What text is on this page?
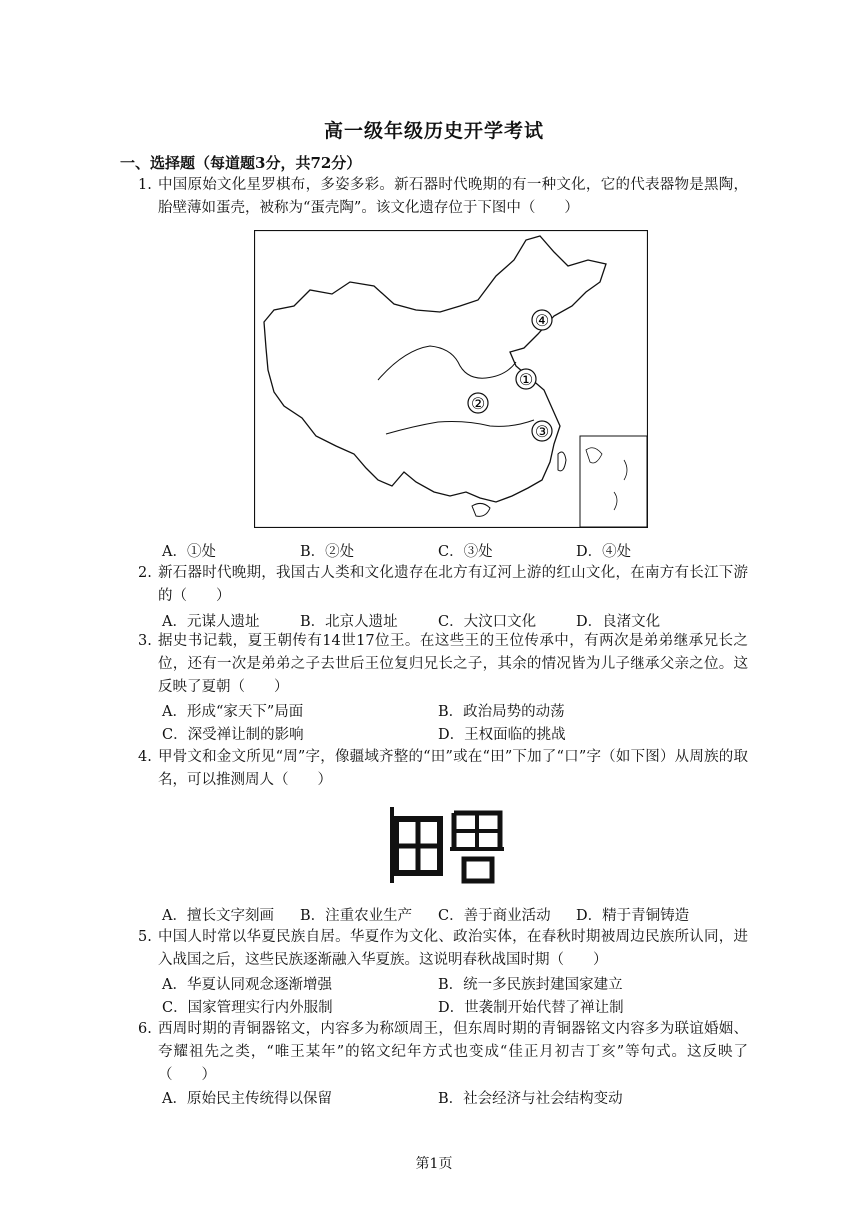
高一级年级历史开学考试
一、选择题（每道题3分，共72分）
1. 中国原始文化星罗棋布，多姿多彩。新石器时代晚期的有一种文化，它的代表器物是黑陶，胎壁薄如蛋壳，被称为“蛋壳陶”。该文化遗存位于下图中（　　）
④
①
②
③
A．①处	B．②处	C．③处	D．④处
2. 新石器时代晚期，我国古人类和文化遗存在北方有辽河上游的红山文化，在南方有长江下游的（　　）
A．元谋人遗址	B．北京人遗址	C．大汶口文化	D．良渚文化
3. 据史书记载，夏王朝传有14世17位王。在这些王的王位传承中，有两次是弟弟继承兄长之位，还有一次是弟弟之子去世后王位复归兄长之子，其余的情况皆为儿子继承父亲之位。这反映了夏朝（　　）
A．形成“家天下”局面	B．政治局势的动荡
C．深受禅让制的影响	D．王权面临的挑战
4. 甲骨文和金文所见“周”字，像疆域齐整的“田”或在“田”下加了“口”字（如下图）从周族的取名，可以推测周人（　　）
A．擅长文字刻画 B．注重农业生产 C．善于商业活动 D．精于青铜铸造
5. 中国人时常以华夏民族自居。华夏作为文化、政治实体，在春秋时期被周边民族所认同，进入战国之后，这些民族逐渐融入华夏族。这说明春秋战国时期（　　）
A．华夏认同观念逐渐增强	B．统一多民族封建国家建立
C．国家管理实行内外服制	D．世袭制开始代替了禅让制
6. 西周时期的青铜器铭文，内容多为称颂周王，但东周时期的青铜器铭文内容多为联谊婚姻、夸耀祖先之类，“唯王某年”的铭文纪年方式也变成“佳正月初吉丁亥”等句式。这反映了（　　）
A．原始民主传统得以保留	B．社会经济与社会结构变动
第1页
